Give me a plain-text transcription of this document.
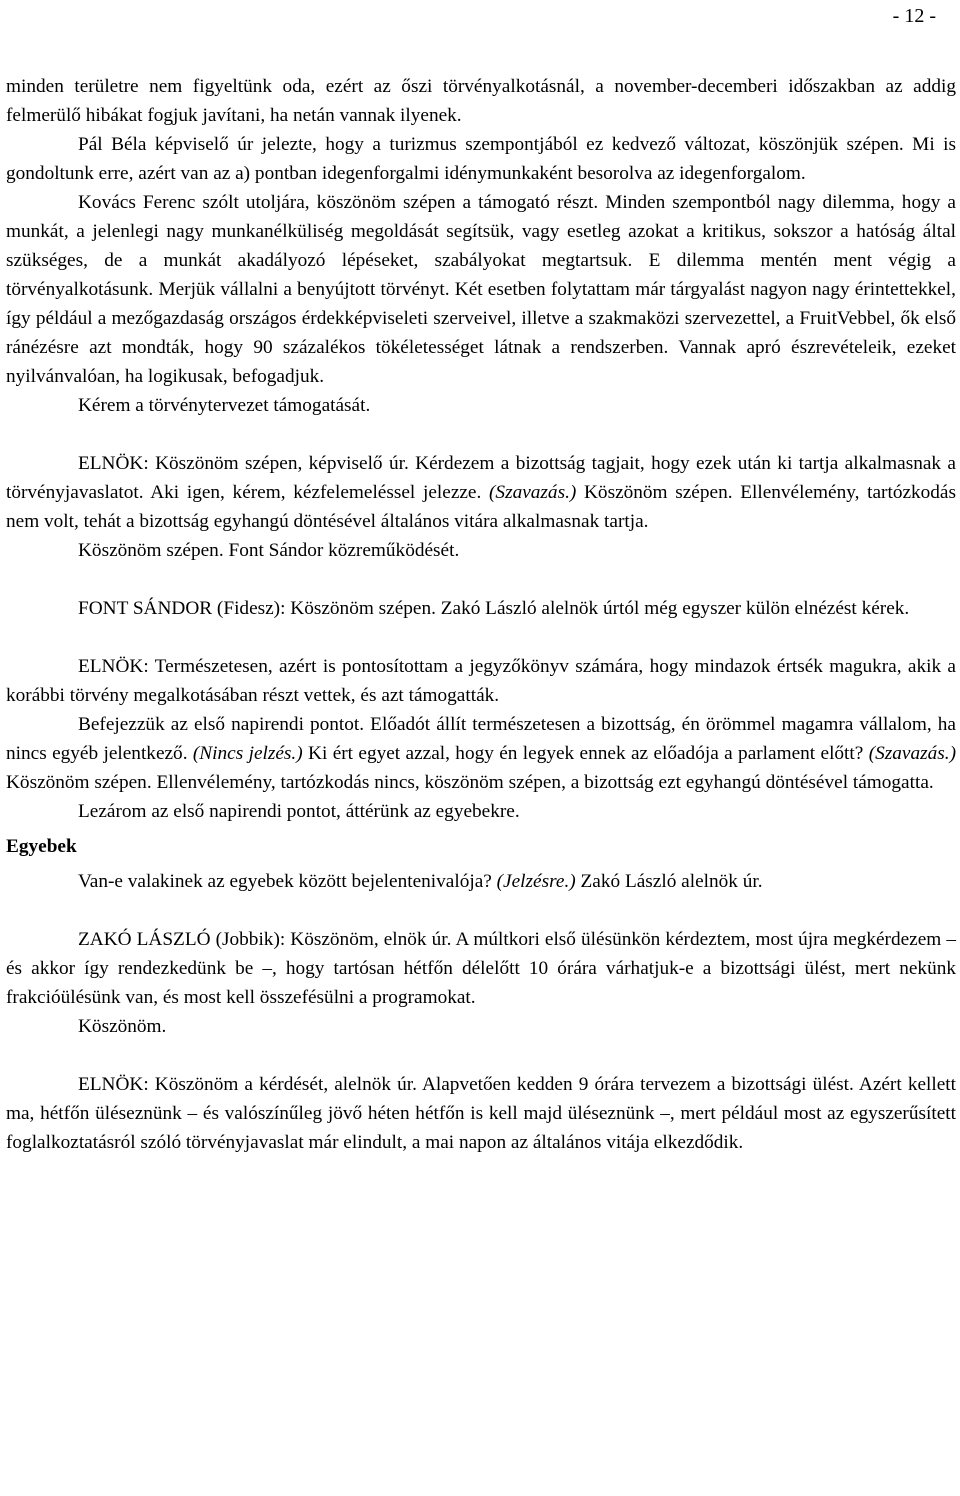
- 12 -

minden területre nem figyeltünk oda, ezért az őszi törvényalkotásnál, a november-decemberi időszakban az addig felmerülő hibákat fogjuk javítani, ha netán vannak ilyenek.

Pál Béla képviselő úr jelezte, hogy a turizmus szempontjából ez kedvező változat, köszönjük szépen. Mi is gondoltunk erre, azért van az a) pontban idegenforgalmi idénymunkaként besorolva az idegenforgalom.

Kovács Ferenc szólt utoljára, köszönöm szépen a támogató részt. Minden szempontból nagy dilemma, hogy a munkát, a jelenlegi nagy munkanélküliség megoldását segítsük, vagy esetleg azokat a kritikus, sokszor a hatóság által szükséges, de a munkát akadályozó lépéseket, szabályokat megtartsuk. E dilemma mentén ment végig a törvényalkotásunk. Merjük vállalni a benyújtott törvényt. Két esetben folytattam már tárgyalást nagyon nagy érintettekkel, így például a mezőgazdaság országos érdekképviseleti szerveivel, illetve a szakmaközi szervezettel, a FruitVebbel, ők első ránézésre azt mondták, hogy 90 százalékos tökéletességet látnak a rendszerben. Vannak apró észrevételeik, ezeket nyilvánvalóan, ha logikusak, befogadjuk.

Kérem a törvénytervezet támogatását.

ELNÖK: Köszönöm szépen, képviselő úr. Kérdezem a bizottság tagjait, hogy ezek után ki tartja alkalmasnak a törvényjavaslatot. Aki igen, kérem, kézfelemeléssel jelezze. (Szavazás.) Köszönöm szépen. Ellenvélemény, tartózkodás nem volt, tehát a bizottság egyhangú döntésével általános vitára alkalmasnak tartja.

Köszönöm szépen. Font Sándor közreműködését.

FONT SÁNDOR (Fidesz): Köszönöm szépen. Zakó László alelnök úrtól még egyszer külön elnézést kérek.

ELNÖK: Természetesen, azért is pontosítottam a jegyzőkönyv számára, hogy mindazok értsék magukra, akik a korábbi törvény megalkotásában részt vettek, és azt támogatták.

Befejezzük az első napirendi pontot. Előadót állít természetesen a bizottság, én örömmel magamra vállalom, ha nincs egyéb jelentkező. (Nincs jelzés.) Ki ért egyet azzal, hogy én legyek ennek az előadója a parlament előtt? (Szavazás.) Köszönöm szépen. Ellenvélemény, tartózkodás nincs, köszönöm szépen, a bizottság ezt egyhangú döntésével támogatta.

Lezárom az első napirendi pontot, áttérünk az egyebekre.

Egyebek

Van-e valakinek az egyebek között bejelentenivalója? (Jelzésre.) Zakó László alelnök úr.

ZAKÓ LÁSZLÓ (Jobbik): Köszönöm, elnök úr. A múltkori első ülésünkön kérdeztem, most újra megkérdezem – és akkor így rendezkedünk be –, hogy tartósan hétfőn délelőtt 10 órára várhatjuk-e a bizottsági ülést, mert nekünk frakcióülésünk van, és most kell összefésülni a programokat.

Köszönöm.

ELNÖK: Köszönöm a kérdését, alelnök úr. Alapvetően kedden 9 órára tervezem a bizottsági ülést. Azért kellett ma, hétfőn üléseznünk – és valószínűleg jövő héten hétfőn is kell majd üléseznünk –, mert például most az egyszerűsített foglalkoztatásról szóló törvényjavaslat már elindult, a mai napon az általános vitája elkezdődik.
